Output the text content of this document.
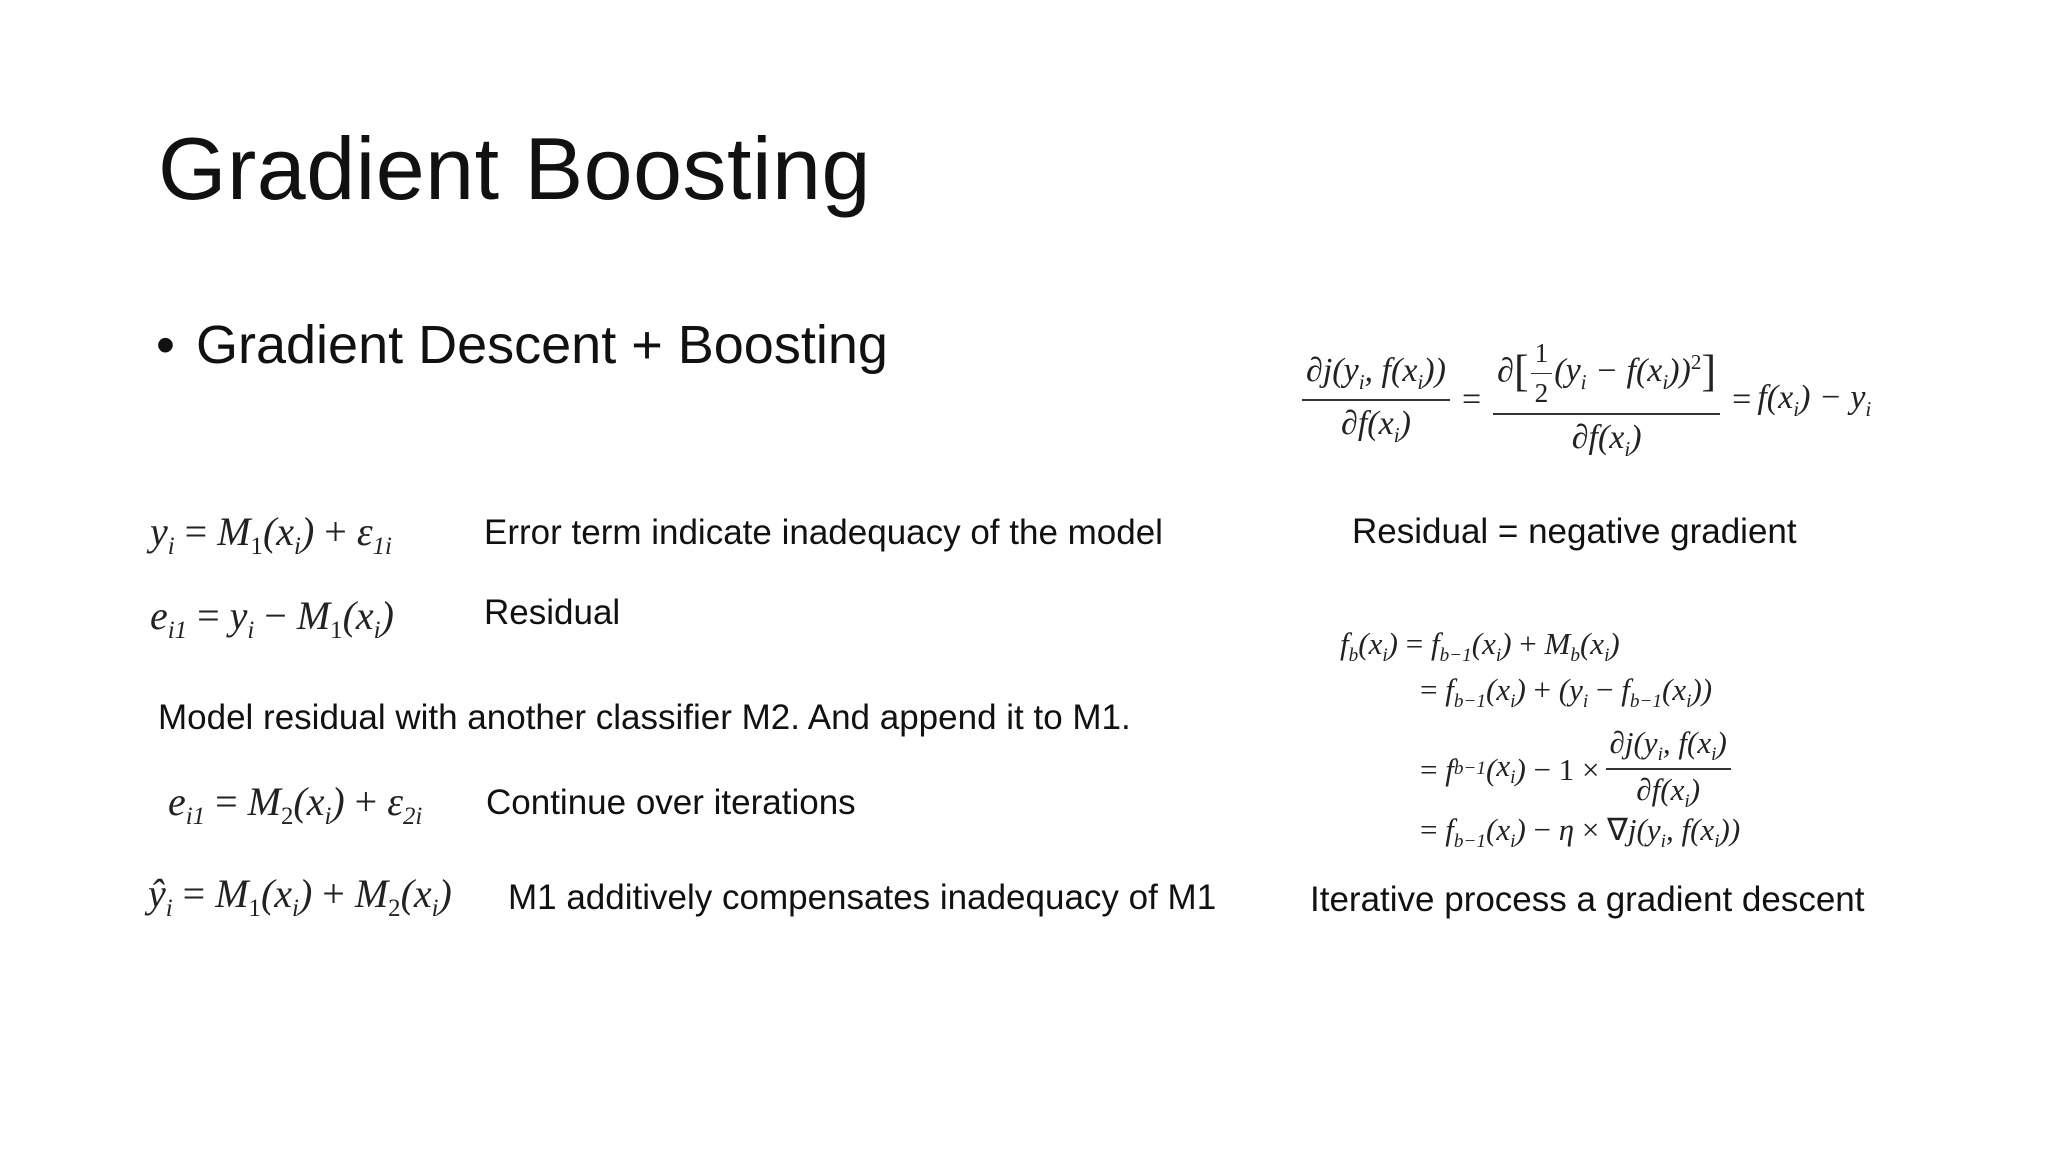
Gradient Boosting
• Gradient Descent + Boosting
$\frac{\partial j(y_i, f(x_i))}{\partial f(x_i)} = \frac{\partial[ \frac{1}{2} (y_i - f(x_i))^2]}{\partial f(x_i)} = f(x_i) - y_i$
Residual = negative gradient
$y_i = M_1(x_i) + \varepsilon_{1i}$	Error term indicate inadequacy of the model
$e_{i1} = y_i - M_1(x_i)$	Residual
Model residual with another classifier M2. And append it to M1.
$e_{i1} = M_2(x_i) + \varepsilon_{2i}$ Continue over iterations
$ŷ_i = M_1(x_i) + M_2(x_i)$ M1 additively compensates inadequacy of M1
$f_b(x_i) = f_{b-1}(x_i) + M_b(x_i)$
= $f_{b-1}(x_i) + (y_i - f_{b-1}(x_i))$
=
f b−1 ( $x_i$ ) − $1 \times \frac{\partial j(y_i, f(x_i)}{\partial f(x_i)}$
= $f_{b-1}(x_i) - \eta \times \nabla j(y_i$, $f(x_i)$)
Iterative process a gradient descent
